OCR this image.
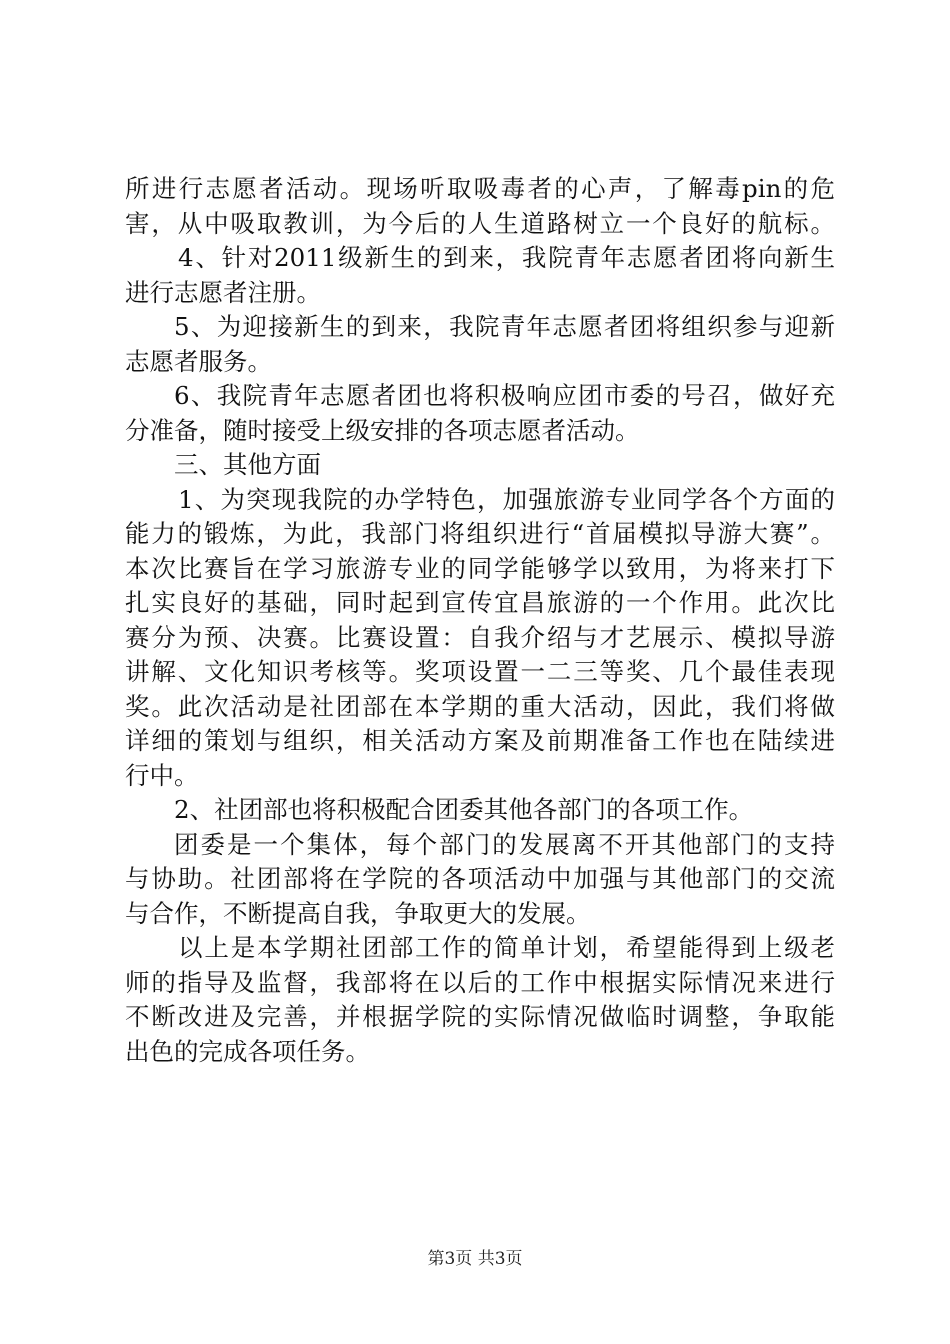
所进行志愿者活动。现场听取吸毒者的心声，了解毒pin的危
害，从中吸取教训，为今后的人生道路树立一个良好的航标。
4、针对2011级新生的到来，我院青年志愿者团将向新生
进行志愿者注册。
5、为迎接新生的到来，我院青年志愿者团将组织参与迎新
志愿者服务。
6、我院青年志愿者团也将积极响应团市委的号召，做好充
分准备，随时接受上级安排的各项志愿者活动。
三、其他方面
1、为突现我院的办学特色，加强旅游专业同学各个方面的
能力的锻炼，为此，我部门将组织进行“首届模拟导游大赛”。
本次比赛旨在学习旅游专业的同学能够学以致用，为将来打下
扎实良好的基础，同时起到宣传宜昌旅游的一个作用。此次比
赛分为预、决赛。比赛设置：自我介绍与才艺展示、模拟导游
讲解、文化知识考核等。奖项设置一二三等奖、几个最佳表现
奖。此次活动是社团部在本学期的重大活动，因此，我们将做
详细的策划与组织，相关活动方案及前期准备工作也在陆续进
行中。
2、社团部也将积极配合团委其他各部门的各项工作。
团委是一个集体，每个部门的发展离不开其他部门的支持
与协助。社团部将在学院的各项活动中加强与其他部门的交流
与合作，不断提高自我，争取更大的发展。
以上是本学期社团部工作的简单计划，希望能得到上级老
师的指导及监督，我部将在以后的工作中根据实际情况来进行
不断改进及完善，并根据学院的实际情况做临时调整，争取能
出色的完成各项任务。
第3页 共3页
